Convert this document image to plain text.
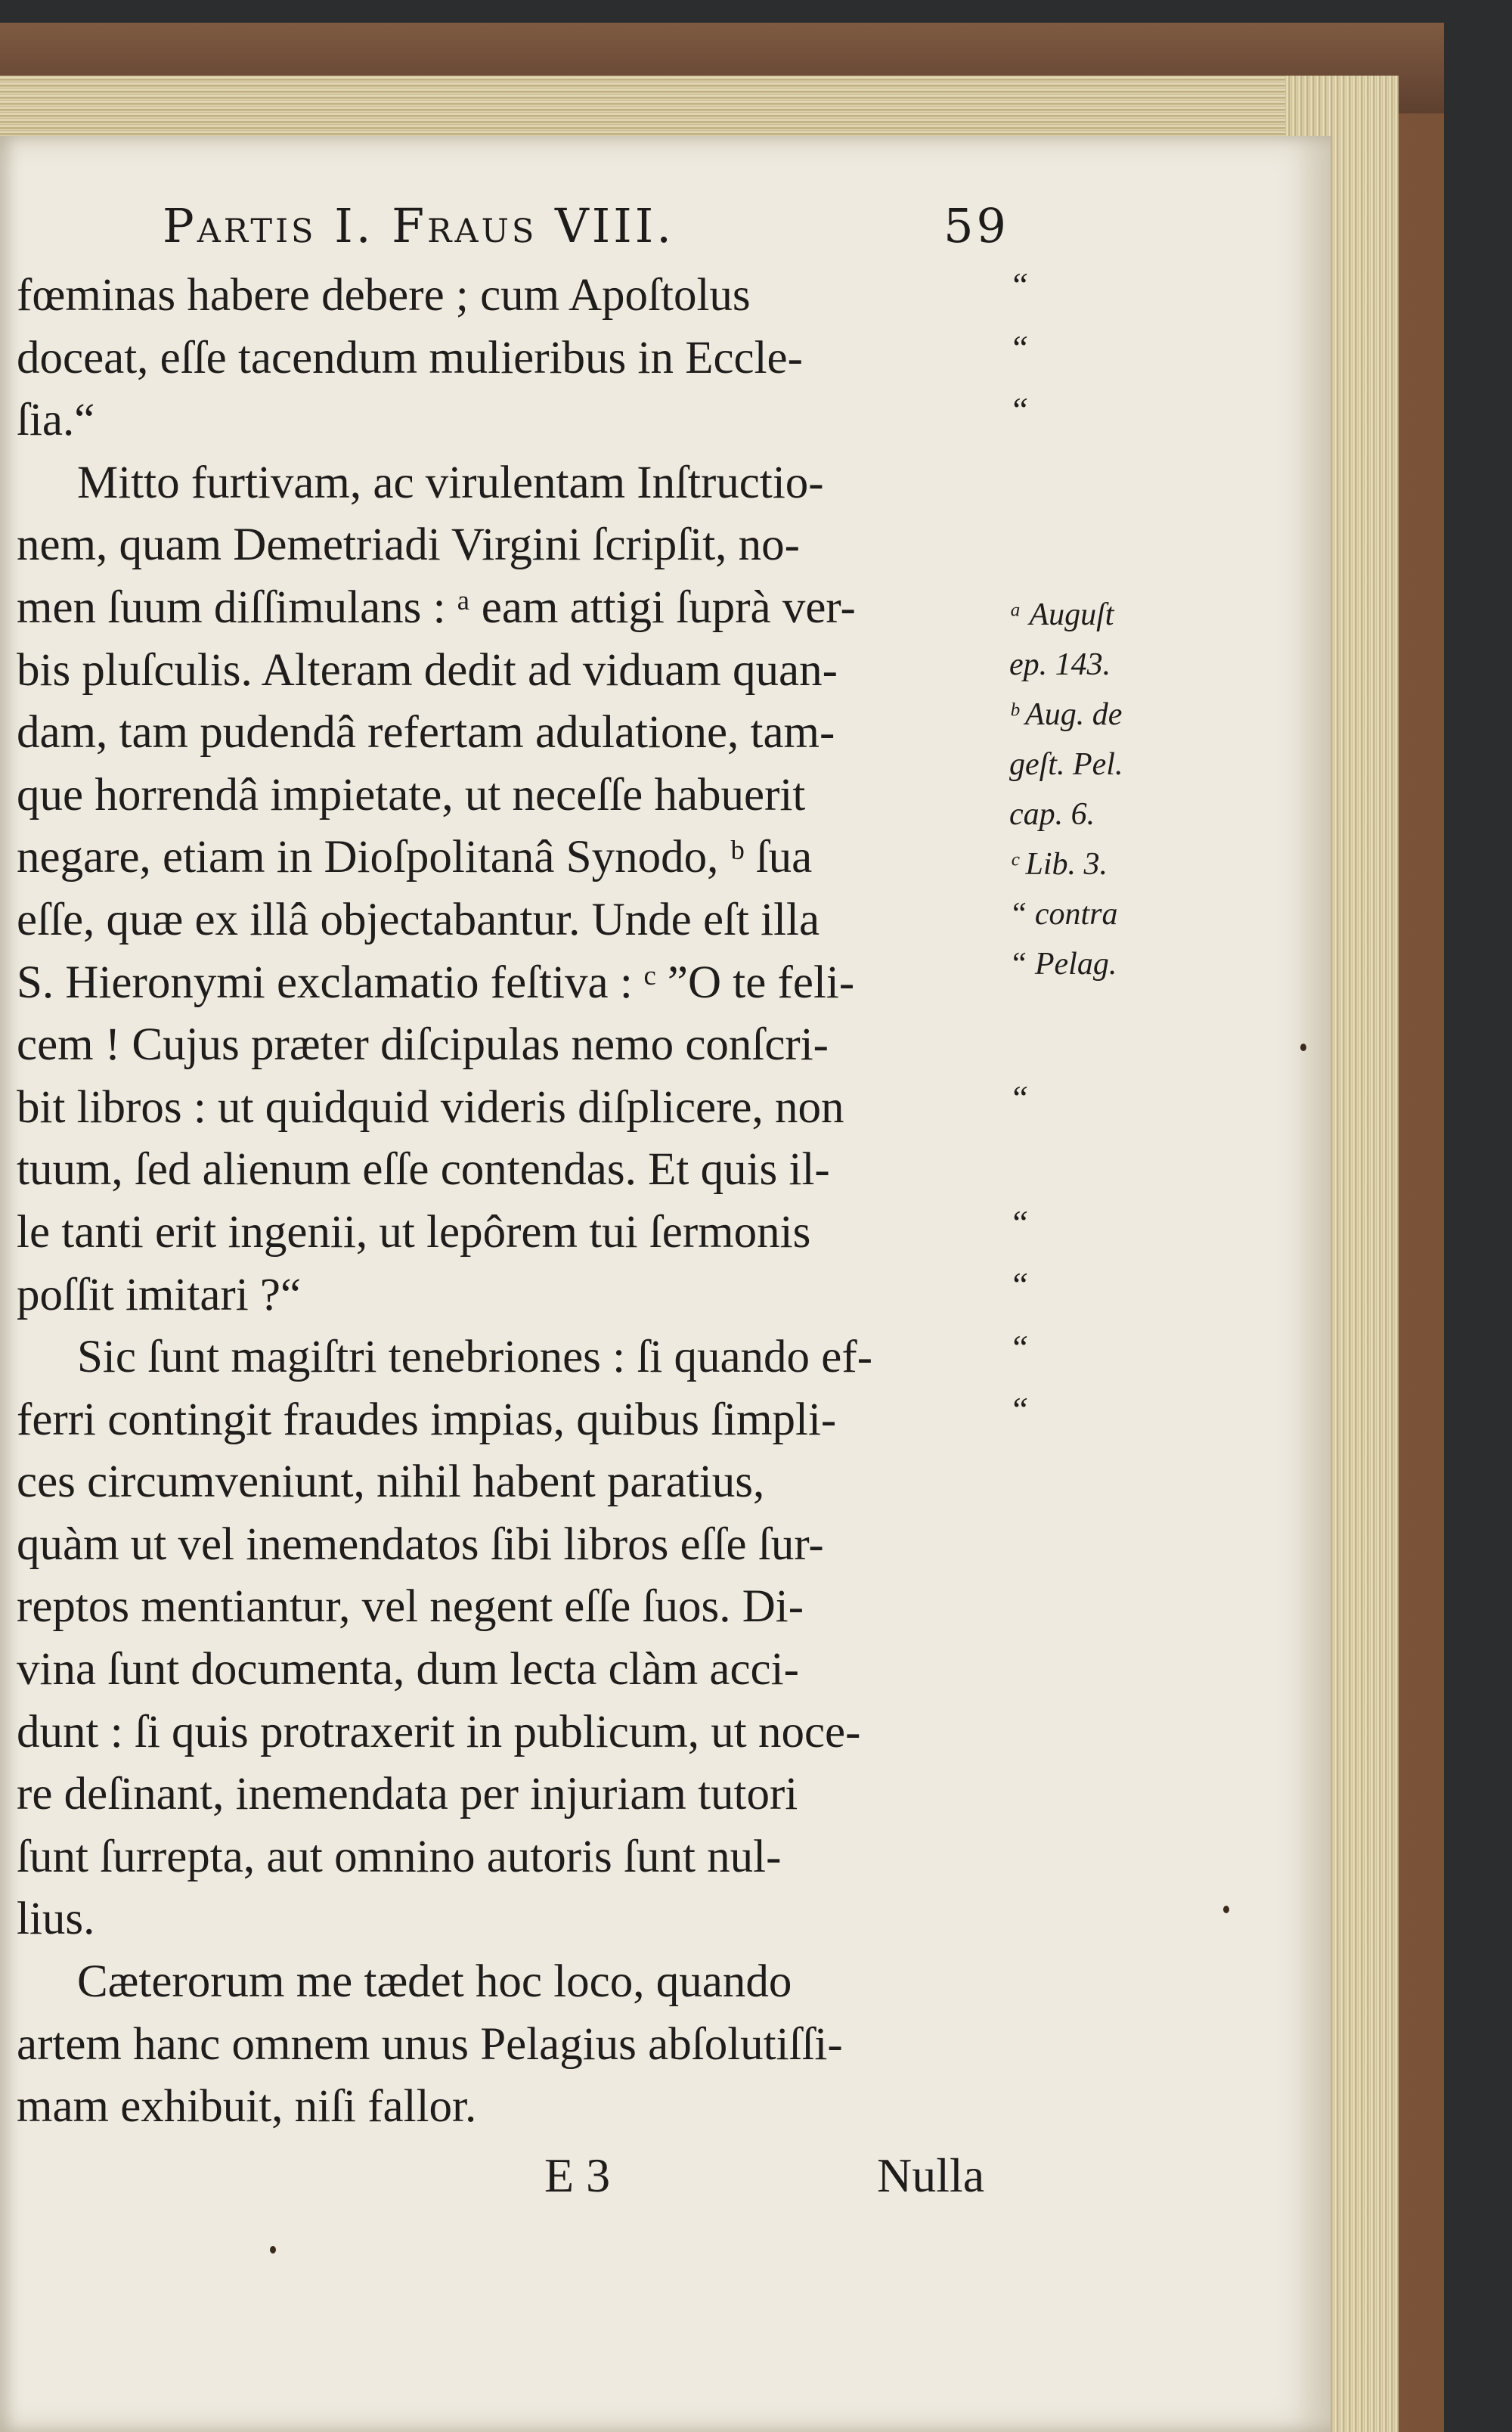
Partis I. Fraus VIII.	59
fœminas habere debere ; cum Apoſtolus
doceat, eſſe tacendum mulieribus in Eccle-
ſia.“
Mitto furtivam, ac virulentam Inſtructio-
nem, quam Demetriadi Virgini ſcripſit, no-
men ſuum diſſimulans : ᵃ eam attigi ſuprà ver-
bis pluſculis. Alteram dedit ad viduam quan-
dam, tam pudendâ refertam adulatione, tam-
que horrendâ impietate, ut neceſſe habuerit
negare, etiam in Dioſpolitanâ Synodo, ᵇ ſua
eſſe, quæ ex illâ objectabantur. Unde eſt illa
S. Hieronymi exclamatio feſtiva : ᶜ ”O te feli-
cem ! Cujus præter diſcipulas nemo conſcri-
bit libros : ut quidquid videris diſplicere, non
tuum, ſed alienum eſſe contendas. Et quis il-
le tanti erit ingenii, ut lepôrem tui ſermonis
poſſit imitari ?“
Sic ſunt magiſtri tenebriones : ſi quando ef-
ferri contingit fraudes impias, quibus ſimpli-
ces circumveniunt, nihil habent paratius,
quàm ut vel inemendatos ſibi libros eſſe ſur-
reptos mentiantur, vel negent eſſe ſuos. Di-
vina ſunt documenta, dum lecta clàm acci-
dunt : ſi quis protraxerit in publicum, ut noce-
re deſinant, inemendata per injuriam tutori
ſunt ſurrepta, aut omnino autoris ſunt nul-
lius.
Cæterorum me tædet hoc loco, quando
artem hanc omnem unus Pelagius abſolutiſſi-
mam exhibuit, niſi fallor.
“
“
“
“
“
“
“
“
ᵃ Auguſt
ep. 143.
ᵇ Aug. de
geſt. Pel.
cap. 6.
ᶜ Lib. 3.
“ contra
“ Pelag.
E 3	Nulla
